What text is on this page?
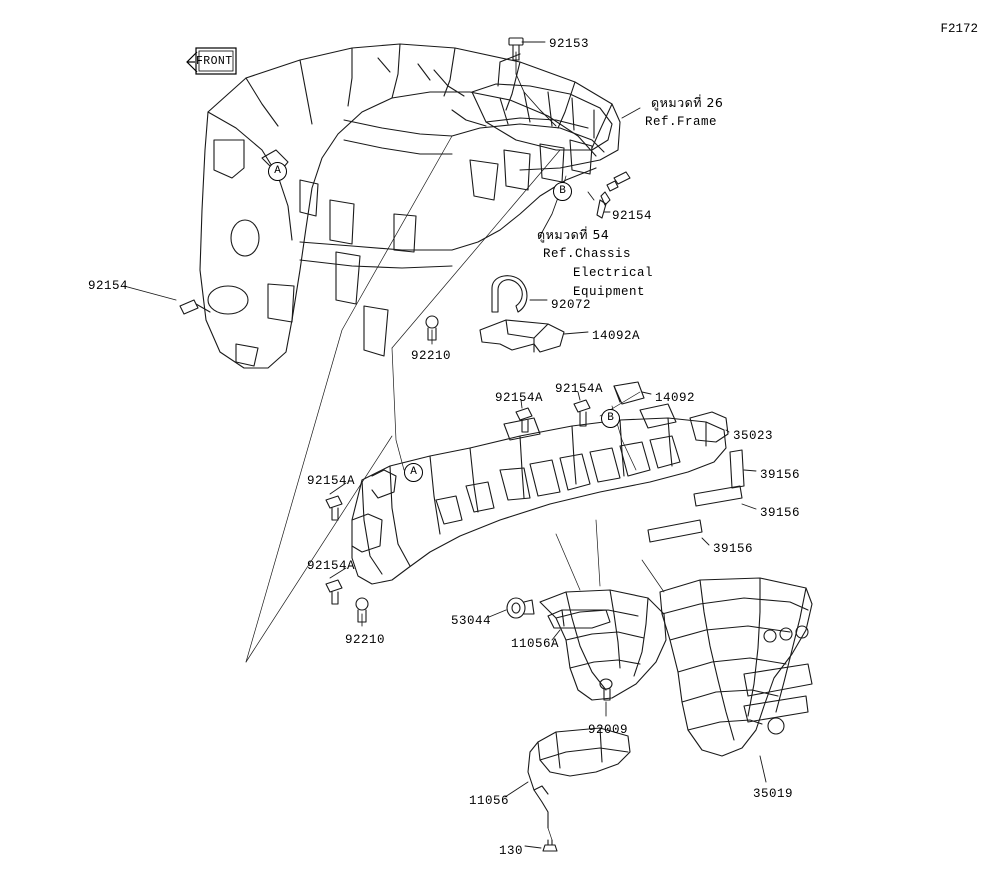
F2172
FRONT
92153
ดูหมวดที่ 26
Ref.Frame
92154
ดูหมวดที่ 54
Ref.Chassis
Electrical
Equipment
92154
92072
14092A
92210
92154A
92154A	14092
35023
39156
92154A
39156
39156
92154A
53044
92210	11056A
92009
35019
11056
130
A
B
B
A
